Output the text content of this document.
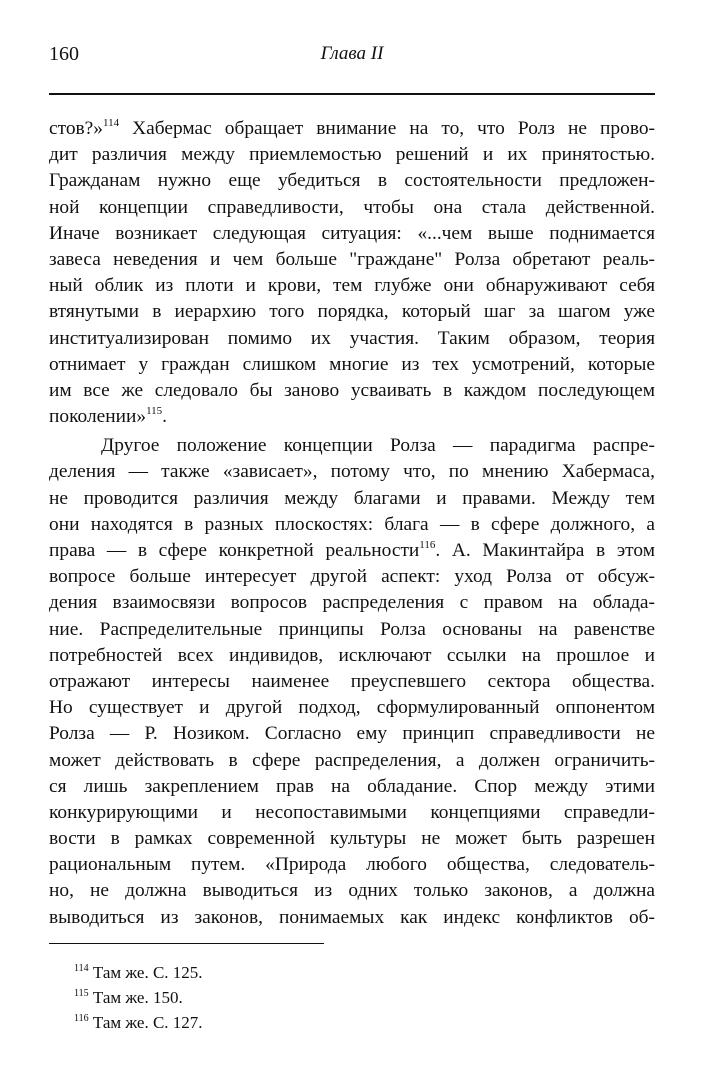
160	Глава II
стов?»$^{114}$ Хабермас обращает внимание на то, что Ролз не прово-
дит различия между приемлемостью решений и их принятостью.
Гражданам нужно еще убедиться в состоятельности предложен-
ной концепции справедливости, чтобы она стала действенной.
Иначе возникает следующая ситуация: «...чем выше поднимается
завеса неведения и чем больше "граждане" Ролза обретают реаль-
ный облик из плоти и крови, тем глубже они обнаруживают себя
втянутыми в иерархию того порядка, который шаг за шагом уже
институализирован помимо их участия. Таким образом, теория
отнимает у граждан слишком многие из тех усмотрений, которые
им все же следовало бы заново усваивать в каждом последующем
поколении»$^{115}$.
Другое положение концепции Ролза — парадигма распре-
деления — также «зависает», потому что, по мнению Хабермаса,
не проводится различия между благами и правами. Между тем
они находятся в разных плоскостях: блага — в сфере должного, а
права — в сфере конкретной реальности$^{116}$. А. Макинтайра в этом
вопросе больше интересует другой аспект: уход Ролза от обсуж-
дения взаимосвязи вопросов распределения с правом на облада-
ние. Распределительные принципы Ролза основаны на равенстве
потребностей всех индивидов, исключают ссылки на прошлое и
отражают интересы наименее преуспевшего сектора общества.
Но существует и другой подход, сформулированный оппонентом
Ролза — Р. Нозиком. Согласно ему принцип справедливости не
может действовать в сфере распределения, а должен ограничить-
ся лишь закреплением прав на обладание. Спор между этими
конкурирующими и несопоставимыми концепциями справедли-
вости в рамках современной культуры не может быть разрешен
рациональным путем. «Природа любого общества, следователь-
но, не должна выводиться из одних только законов, а должна
выводиться из законов, понимаемых как индекс конфликтов об-
$^{114}$ Там же. С. 125.
$^{115}$ Там же. 150.
$^{116}$ Там же. С. 127.
